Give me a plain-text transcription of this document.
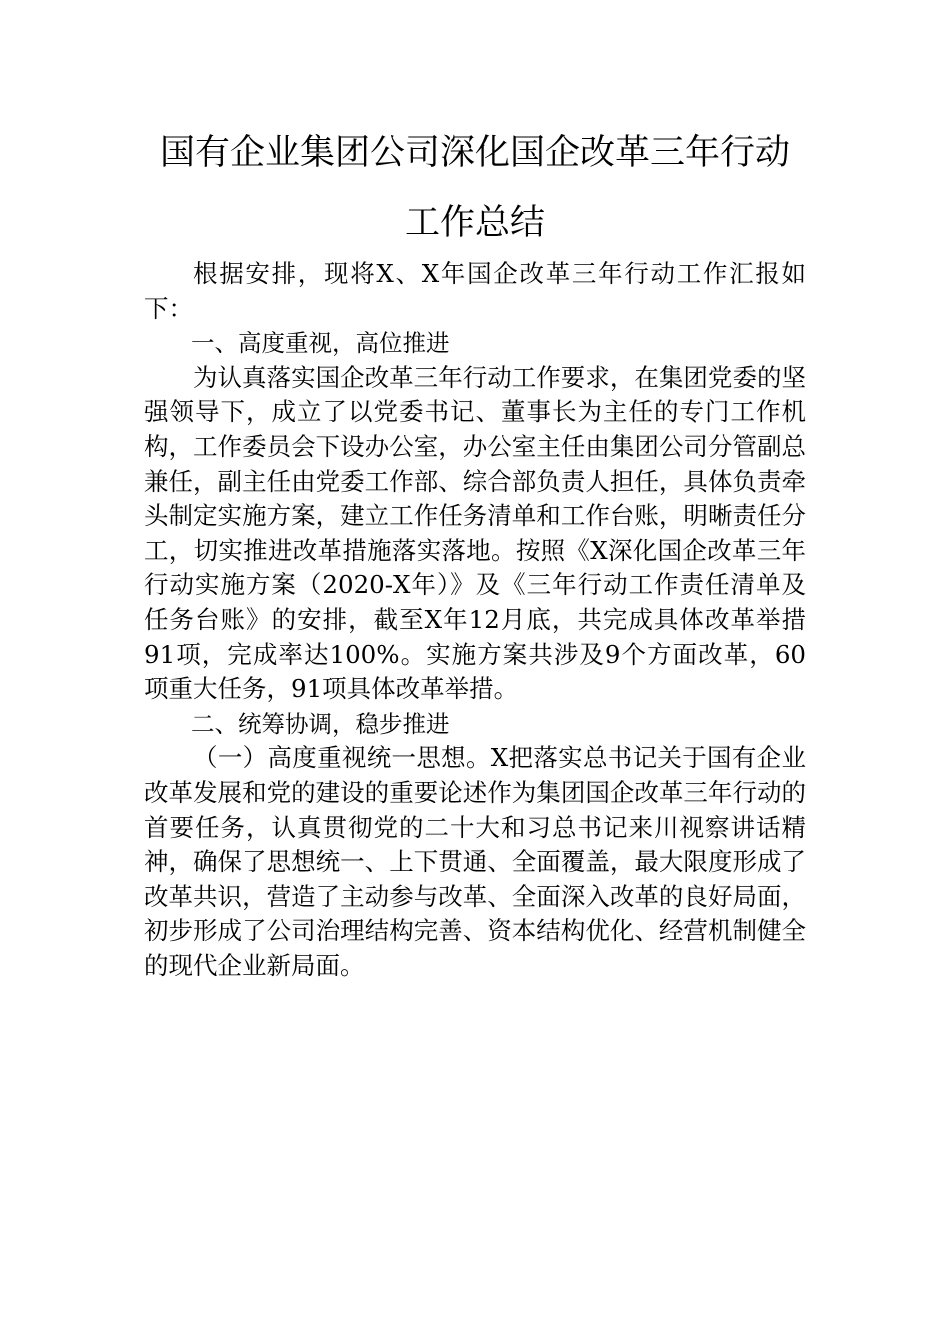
国有企业集团公司深化国企改革三年行动
工作总结

根据安排，现将X、X年国企改革三年行动工作汇报如下：

一、高度重视，高位推进

为认真落实国企改革三年行动工作要求，在集团党委的坚强领导下，成立了以党委书记、董事长为主任的专门工作机构，工作委员会下设办公室，办公室主任由集团公司分管副总兼任，副主任由党委工作部、综合部负责人担任，具体负责牵头制定实施方案，建立工作任务清单和工作台账，明晰责任分工，切实推进改革措施落实落地。按照《X深化国企改革三年行动实施方案（2020-X年）》及《三年行动工作责任清单及任务台账》的安排，截至X年12月底，共完成具体改革举措91项，完成率达100%。实施方案共涉及9个方面改革，60项重大任务，91项具体改革举措。

二、统筹协调，稳步推进

（一）高度重视统一思想。X把落实总书记关于国有企业改革发展和党的建设的重要论述作为集团国企改革三年行动的首要任务，认真贯彻党的二十大和习总书记来川视察讲话精神，确保了思想统一、上下贯通、全面覆盖，最大限度形成了改革共识，营造了主动参与改革、全面深入改革的良好局面，初步形成了公司治理结构完善、资本结构优化、经营机制健全的现代企业新局面。
